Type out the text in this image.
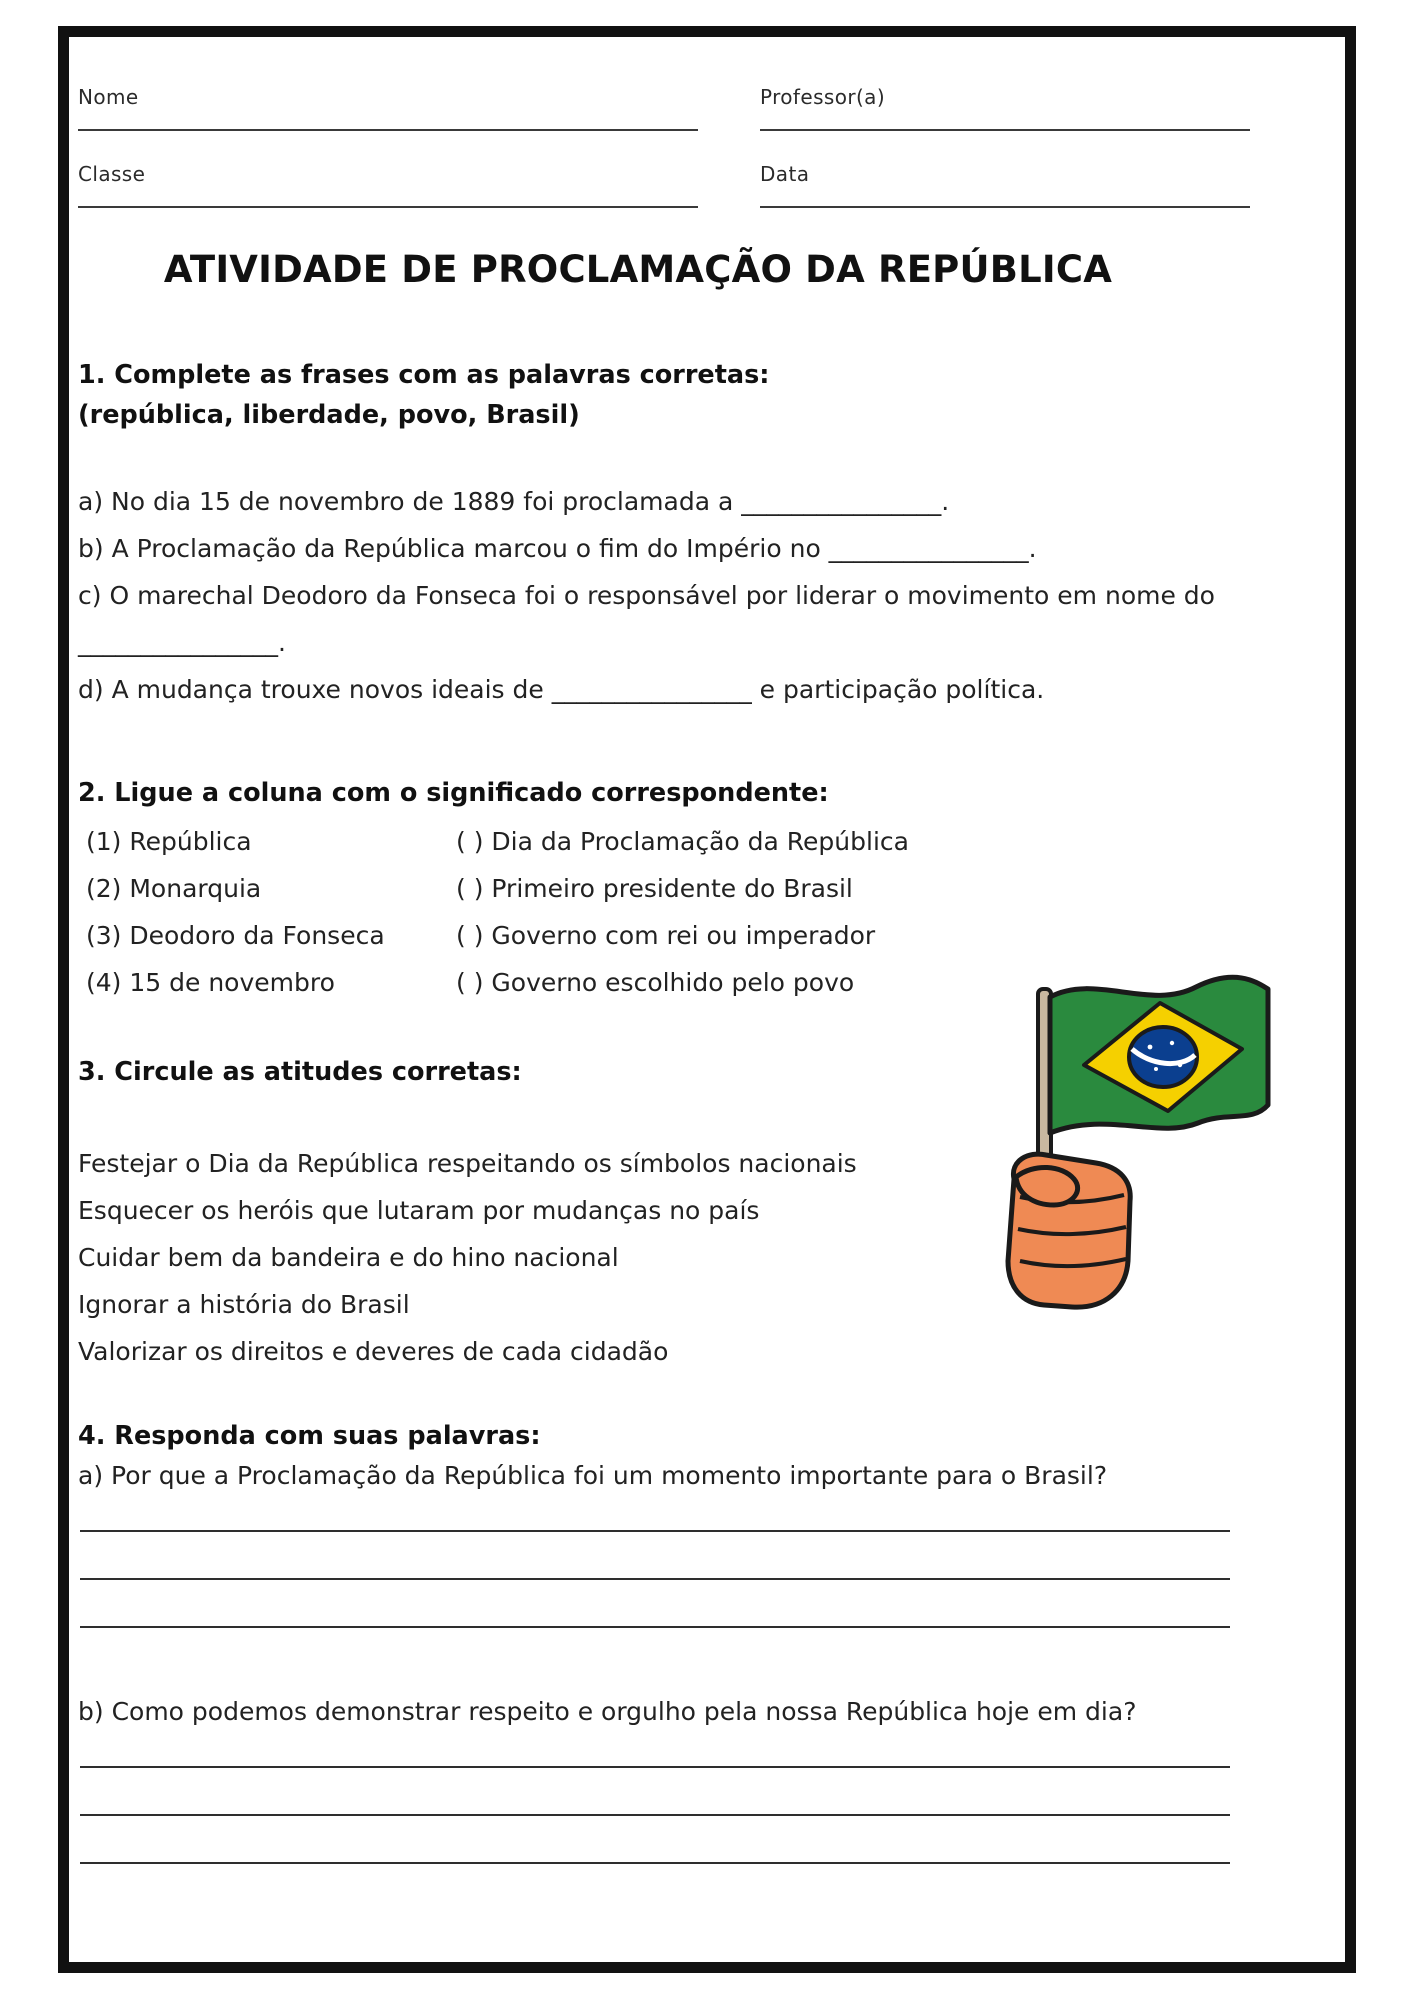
Nome	Professor(a)
Classe	Data
ATIVIDADE DE PROCLAMAÇÃO DA REPÚBLICA
1. Complete as frases com as palavras corretas:
(república, liberdade, povo, Brasil)
a) No dia 15 de novembro de 1889 foi proclamada a ________________.
b) A Proclamação da República marcou o fim do Império no ________________.
c) O marechal Deodoro da Fonseca foi o responsável por liderar o movimento em nome do ________________.
d) A mudança trouxe novos ideais de ________________ e participação política.
2. Ligue a coluna com o significado correspondente:
(1) República	( ) Dia da Proclamação da República
(2) Monarquia	( ) Primeiro presidente do Brasil
(3) Deodoro da Fonseca	( ) Governo com rei ou imperador
(4) 15 de novembro	( ) Governo escolhido pelo povo
3. Circule as atitudes corretas:
Festejar o Dia da República respeitando os símbolos nacionais
Esquecer os heróis que lutaram por mudanças no país
Cuidar bem da bandeira e do hino nacional
Ignorar a história do Brasil
Valorizar os direitos e deveres de cada cidadão
4. Responda com suas palavras:
a) Por que a Proclamação da República foi um momento importante para o Brasil?
b) Como podemos demonstrar respeito e orgulho pela nossa República hoje em dia?
